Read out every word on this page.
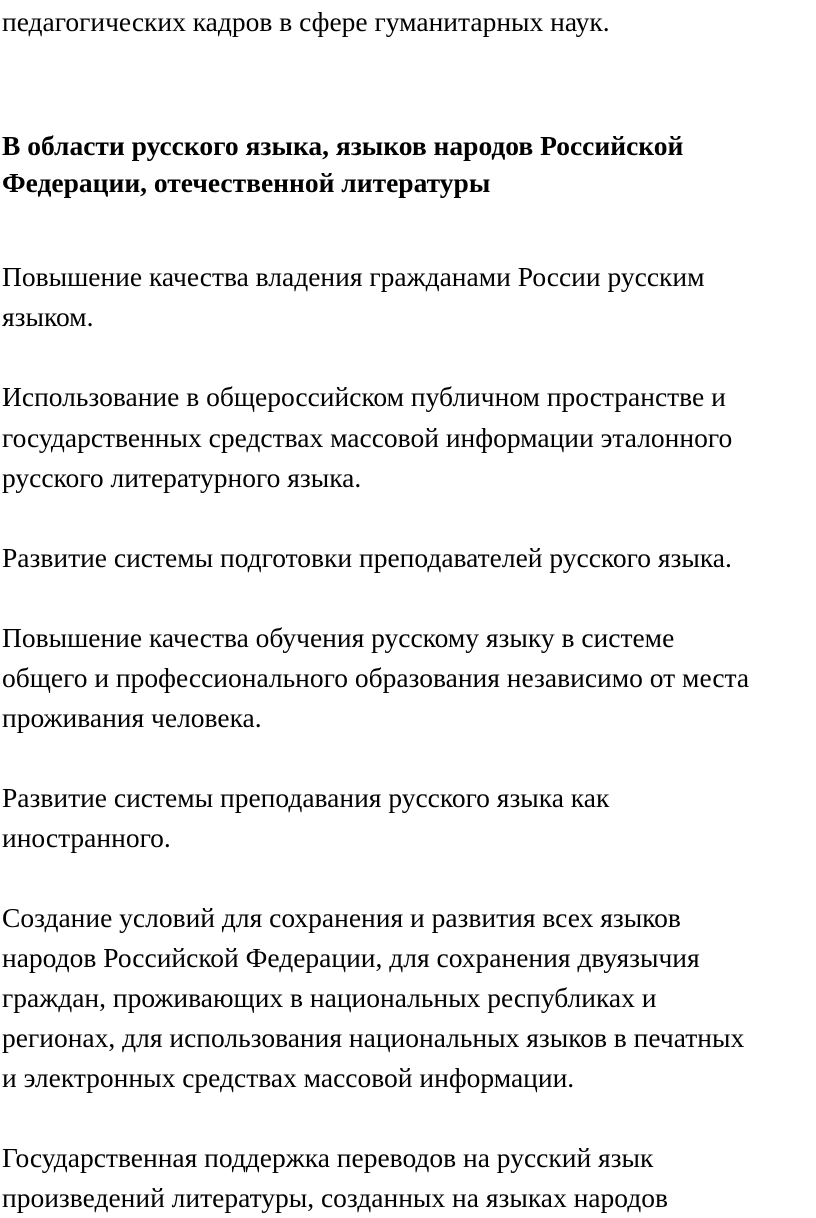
педагогических кадров в сфере гуманитарных наук.
В области русского языка, языков народов Российской
Федерации, отечественной литературы
Повышение качества владения гражданами России русским
языком.
Использование в общероссийском публичном пространстве и
государственных средствах массовой информации эталонного
русского литературного языка.
Развитие системы подготовки преподавателей русского языка.
Повышение качества обучения русскому языку в системе
общего и профессионального образования независимо от места
проживания человека.
Развитие системы преподавания русского языка как
иностранного.
Создание условий для сохранения и развития всех языков
народов Российской Федерации, для сохранения двуязычия
граждан, проживающих в национальных республиках и
регионах, для использования национальных языков в печатных
и электронных средствах массовой информации.
Государственная поддержка переводов на русский язык
произведений литературы, созданных на языках народов
